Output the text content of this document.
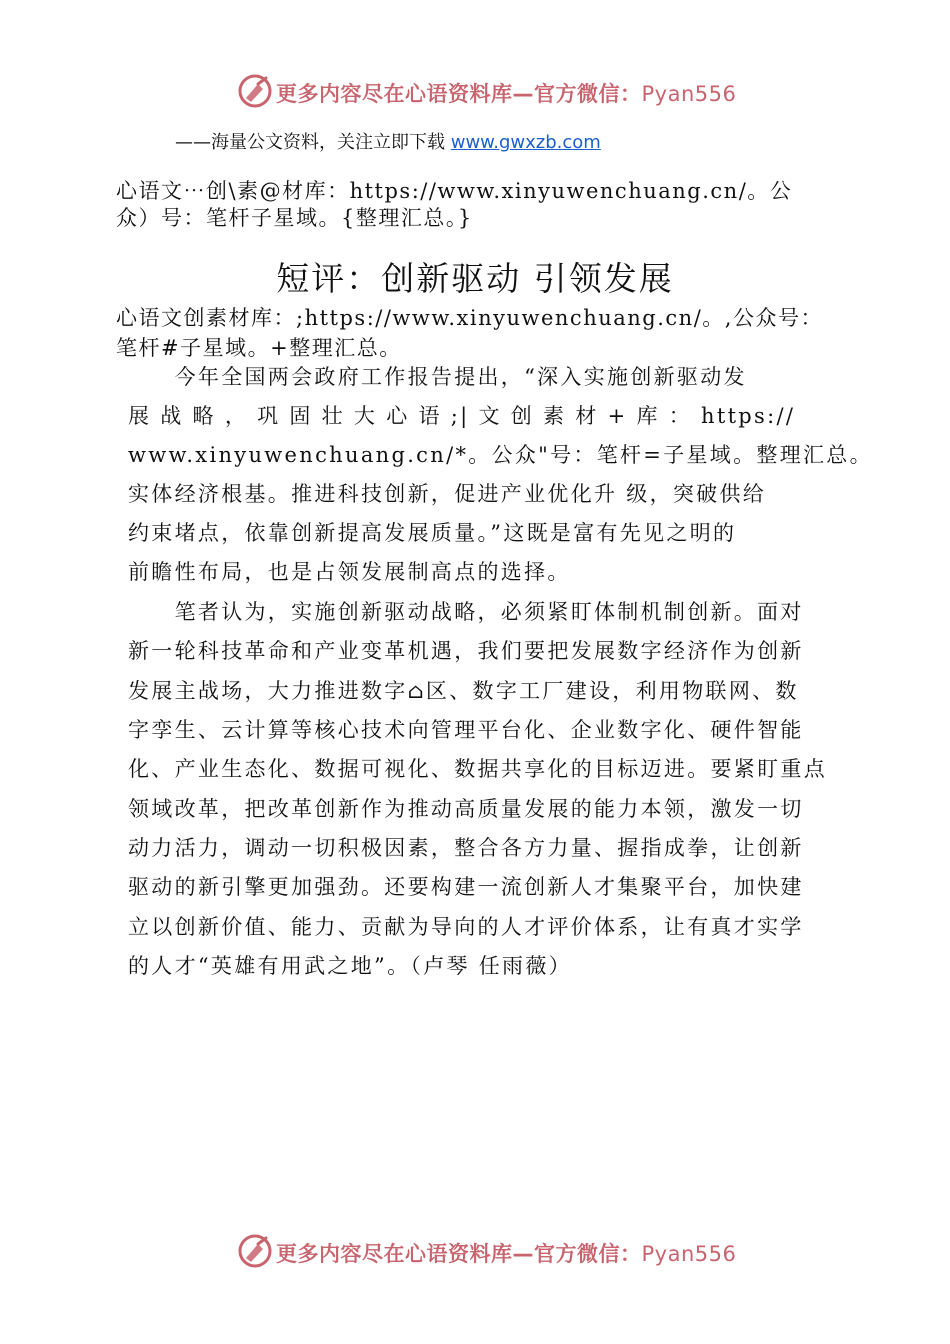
更多内容尽在心语资料库—官方微信：Pyan556
——海量公文资料，关注立即下载 www.gwxzb.com
心语文⋯创\素@材库：https://www.xinyuwenchuang.cn/。公
众）号：笔杆子星域。{整理汇总。}
短评：创新驱动 引领发展
心语文创素材库：;https://www.xinyuwenchuang.cn/。,公众号：
笔杆#子星域。+整理汇总。
　　今年全国两会政府工作报告提出，“深入实施创新驱动发
展 战 略 ， 巩 固 壮 大 心 语 ;| 文 创 素 材 + 库 ： https://
www.xinyuwenchuang.cn/*。公众"号：笔杆=子星域。整理汇总。
实体经济根基。推进科技创新，促进产业优化升 级，突破供给
约束堵点，依靠创新提高发展质量。”这既是富有先见之明的
前瞻性布局，也是占领发展制高点的选择。
　　笔者认为，实施创新驱动战略，必须紧盯体制机制创新。面对
新一轮科技革命和产业变革机遇，我们要把发展数字经济作为创新
发展主战场，大力推进数字⌂区、数字工厂建设，利用物联网、数
字孪生、云计算等核心技术向管理平台化、企业数字化、硬件智能
化、产业生态化、数据可视化、数据共享化的目标迈进。要紧盯重点
领域改革，把改革创新作为推动高质量发展的能力本领，激发一切
动力活力，调动一切积极因素，整合各方力量、握指成拳，让创新
驱动的新引擎更加强劲。还要构建一流创新人才集聚平台，加快建
立以创新价值、能力、贡献为导向的人才评价体系，让有真才实学
的人才“英雄有用武之地”。（卢琴 任雨薇）
更多内容尽在心语资料库—官方微信：Pyan556
